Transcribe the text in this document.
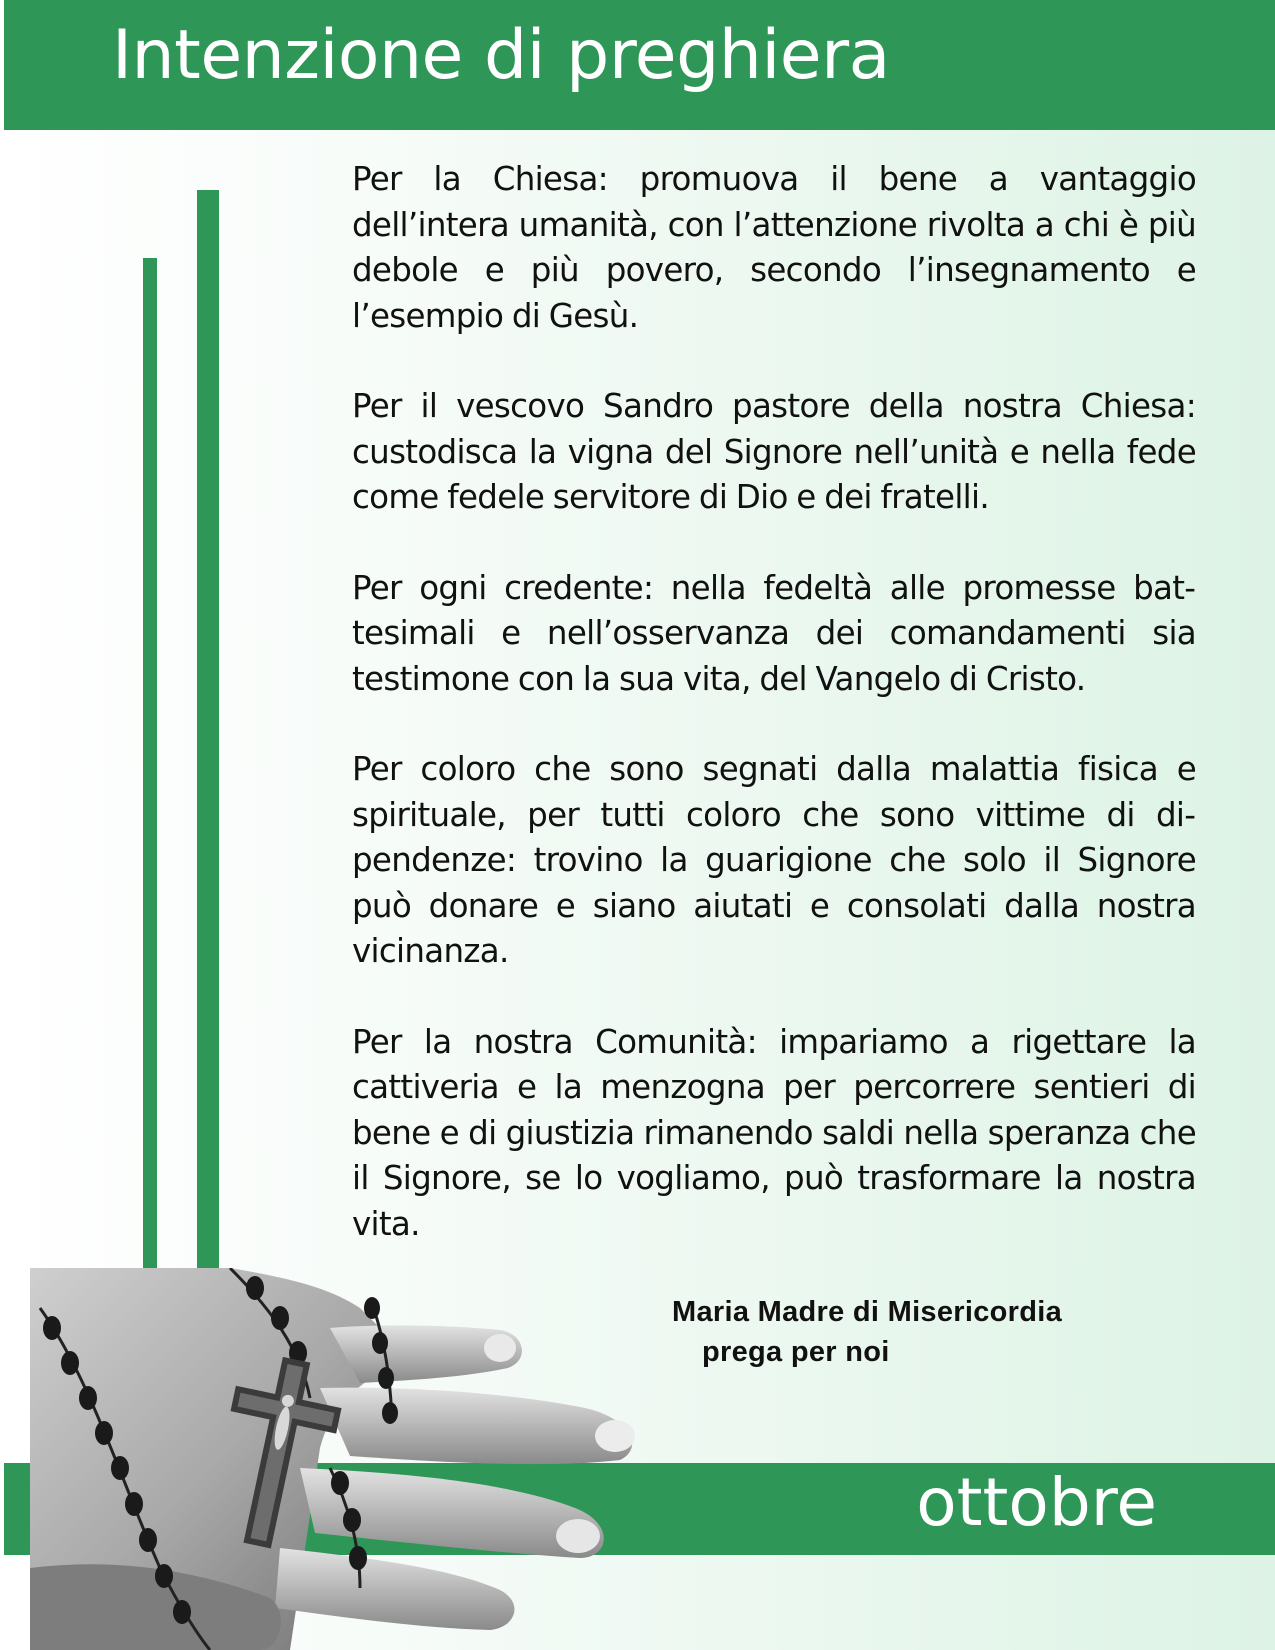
Intenzione di preghiera

Per la Chiesa: promuova il bene a vantaggio dell’intera umanità, con l’attenzione rivolta a chi è più debole e più povero, secondo l’insegnamento e l’esempio di Gesù.

Per il vescovo Sandro pastore della nostra Chiesa: custodisca la vigna del Signore nell’unità e nella fede come fedele servitore di Dio e dei fratelli.

Per ogni credente: nella fedeltà alle promesse battesimali e nell’osservanza dei comandamenti sia testimone con la sua vita, del Vangelo di Cristo.

Per coloro che sono segnati dalla malattia fisica e spirituale, per tutti coloro che sono vittime di dipendenze: trovino la guarigione che solo il Signore può donare e siano aiutati e consolati dalla nostra vicinanza.

Per la nostra Comunità: impariamo a rigettare la cattiveria e la menzogna per percorrere sentieri di bene e di giustizia rimanendo saldi nella speranza che il Signore, se lo vogliamo, può trasformare la nostra vita.

Maria Madre di Misericordia
prega per noi
ottobre
